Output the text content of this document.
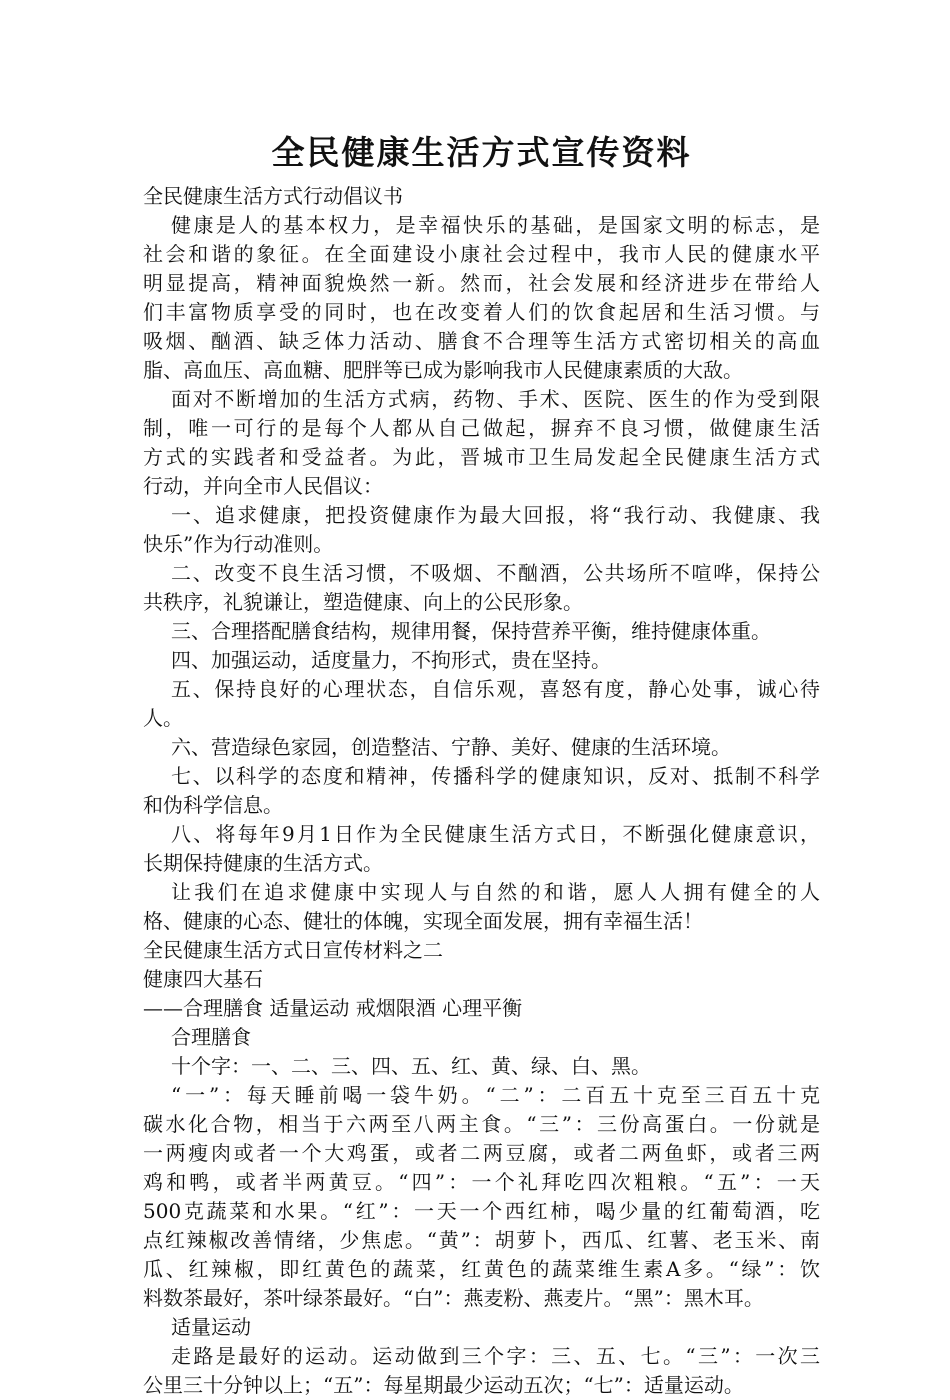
全民健康生活方式宣传资料
全民健康生活方式行动倡议书
健康是人的基本权力，是幸福快乐的基础，是国家文明的标志，是
社会和谐的象征。在全面建设小康社会过程中，我市人民的健康水平
明显提高，精神面貌焕然一新。然而，社会发展和经济进步在带给人
们丰富物质享受的同时，也在改变着人们的饮食起居和生活习惯。与
吸烟、酗酒、缺乏体力活动、膳食不合理等生活方式密切相关的高血
脂、高血压、高血糖、肥胖等已成为影响我市人民健康素质的大敌。
面对不断增加的生活方式病，药物、手术、医院、医生的作为受到限
制，唯一可行的是每个人都从自己做起，摒弃不良习惯，做健康生活
方式的实践者和受益者。为此，晋城市卫生局发起全民健康生活方式
行动，并向全市人民倡议：
一、追求健康，把投资健康作为最大回报，将“我行动、我健康、我
快乐”作为行动准则。
二、改变不良生活习惯，不吸烟、不酗酒，公共场所不喧哗，保持公
共秩序，礼貌谦让，塑造健康、向上的公民形象。
三、合理搭配膳食结构，规律用餐，保持营养平衡，维持健康体重。
四、加强运动，适度量力，不拘形式，贵在坚持。
五、保持良好的心理状态，自信乐观，喜怒有度，静心处事，诚心待
人。
六、营造绿色家园，创造整洁、宁静、美好、健康的生活环境。
七、以科学的态度和精神，传播科学的健康知识，反对、抵制不科学
和伪科学信息。
八、将每年9月1日作为全民健康生活方式日，不断强化健康意识，
长期保持健康的生活方式。
让我们在追求健康中实现人与自然的和谐，愿人人拥有健全的人
格、健康的心态、健壮的体魄，实现全面发展，拥有幸福生活！
全民健康生活方式日宣传材料之二
健康四大基石
——合理膳食 适量运动 戒烟限酒 心理平衡
合理膳食
十个字：一、二、三、四、五、红、黄、绿、白、黑。
“一”：每天睡前喝一袋牛奶。“二”：二百五十克至三百五十克
碳水化合物，相当于六两至八两主食。“三”：三份高蛋白。一份就是
一两瘦肉或者一个大鸡蛋，或者二两豆腐，或者二两鱼虾，或者三两
鸡和鸭，或者半两黄豆。“四”：一个礼拜吃四次粗粮。“五”：一天
500克蔬菜和水果。“红”：一天一个西红柿，喝少量的红葡萄酒，吃
点红辣椒改善情绪，少焦虑。“黄”：胡萝卜，西瓜、红薯、老玉米、南
瓜、红辣椒，即红黄色的蔬菜，红黄色的蔬菜维生素A多。“绿”：饮
料数茶最好，茶叶绿茶最好。“白”：燕麦粉、燕麦片。“黑”：黑木耳。
适量运动
走路是最好的运动。运动做到三个字：三、五、七。“三”：一次三
公里三十分钟以上；“五”：每星期最少运动五次；“七”：适量运动。
